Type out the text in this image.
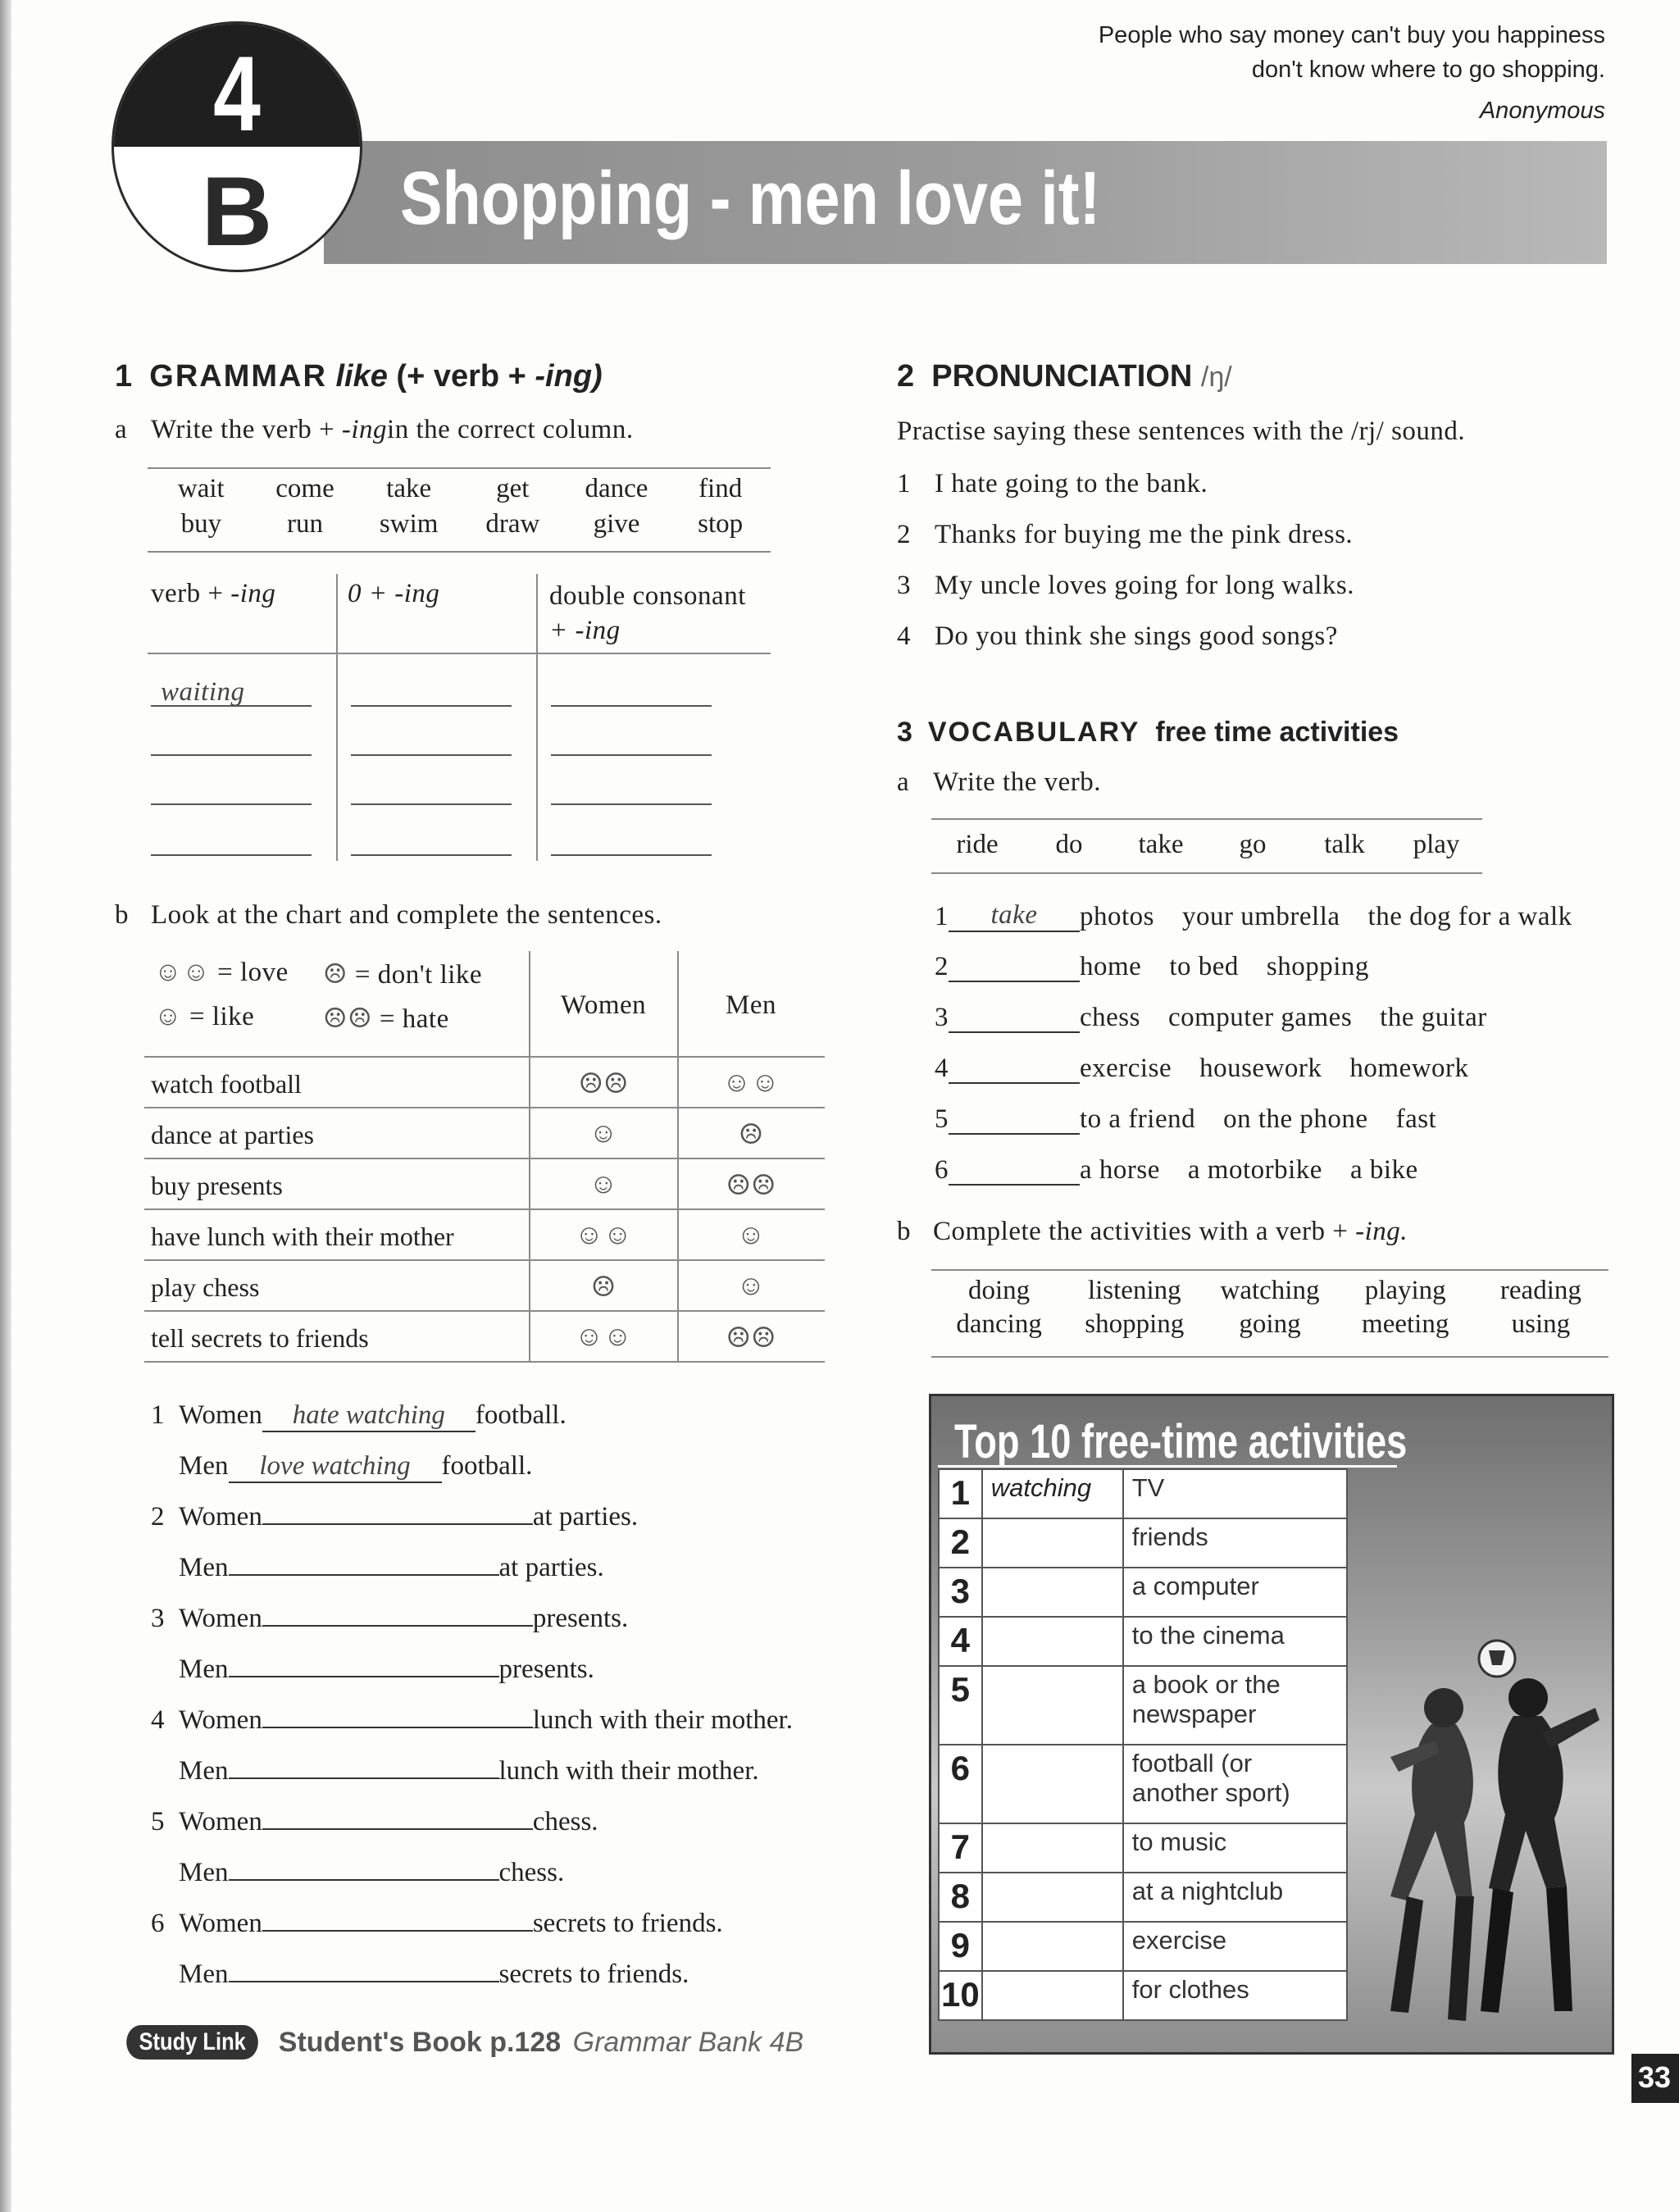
4
B	Shopping - men love it!
People who say money can't buy you happiness
don't know where to go shopping.
Anonymous
1 GRAMMAR like (+ verb + -ing)
a Write the verb + -ingin the correct column.
wait	come	take	get	dance	find
buy	run	swim	draw	give	stop
verb + -ing	0 + -ing	double consonant
+ -ing
waiting
b Look at the chart and complete the sentences.
☺☺ = love ☹ = don't like
☺ = like	☹☹ = hate	Women	Men
watch football	☹☹	☺☺
dance at parties	☺	☹
buy presents	☺	☹☹
have lunch with their mother	☺☺	☺
play chess	☹	☺
tell secrets to friends	☺☺	☹☹
1 Women hate watching football.
Men love watching football.
2 Women	at parties.
Men	at parties.
3 Women	presents.
Men	presents.
4 Women	lunch with their mother.
Men	lunch with their mother.
5 Women	chess.
Men	chess.
6 Women	secrets to friends.
Men	secrets to friends.
2 PRONUNCIATION /ŋ/
Practise saying these sentences with the /rj/ sound.
1 I hate going to the bank.
2 Thanks for buying me the pink dress.
3 My uncle loves going for long walks.
4 Do you think she sings good songs?
3 VOCABULARY free time activities
a Write the verb.
ride	do	take	go	talk	play
1 take photos your umbrella the dog for a walk
2	home to bed shopping
3	chess computer games the guitar
4	exercise housework homework
5	to a friend on the phone fast
6	a horse a motorbike a bike
b Complete the activities with a verb + -ing.
doing	listening	watching	playing	reading
dancing	shopping	going	meeting	using
Top 10 free-time activities
1	watching	TV
2		friends
3		a computer
4		to the cinema
5		a book or the newspaper
6		football (or another sport)
7		to music
8		at a nightclub
9		exercise
10		for clothes
Study Link Student's Book p.128 Grammar Bank 4B
33
